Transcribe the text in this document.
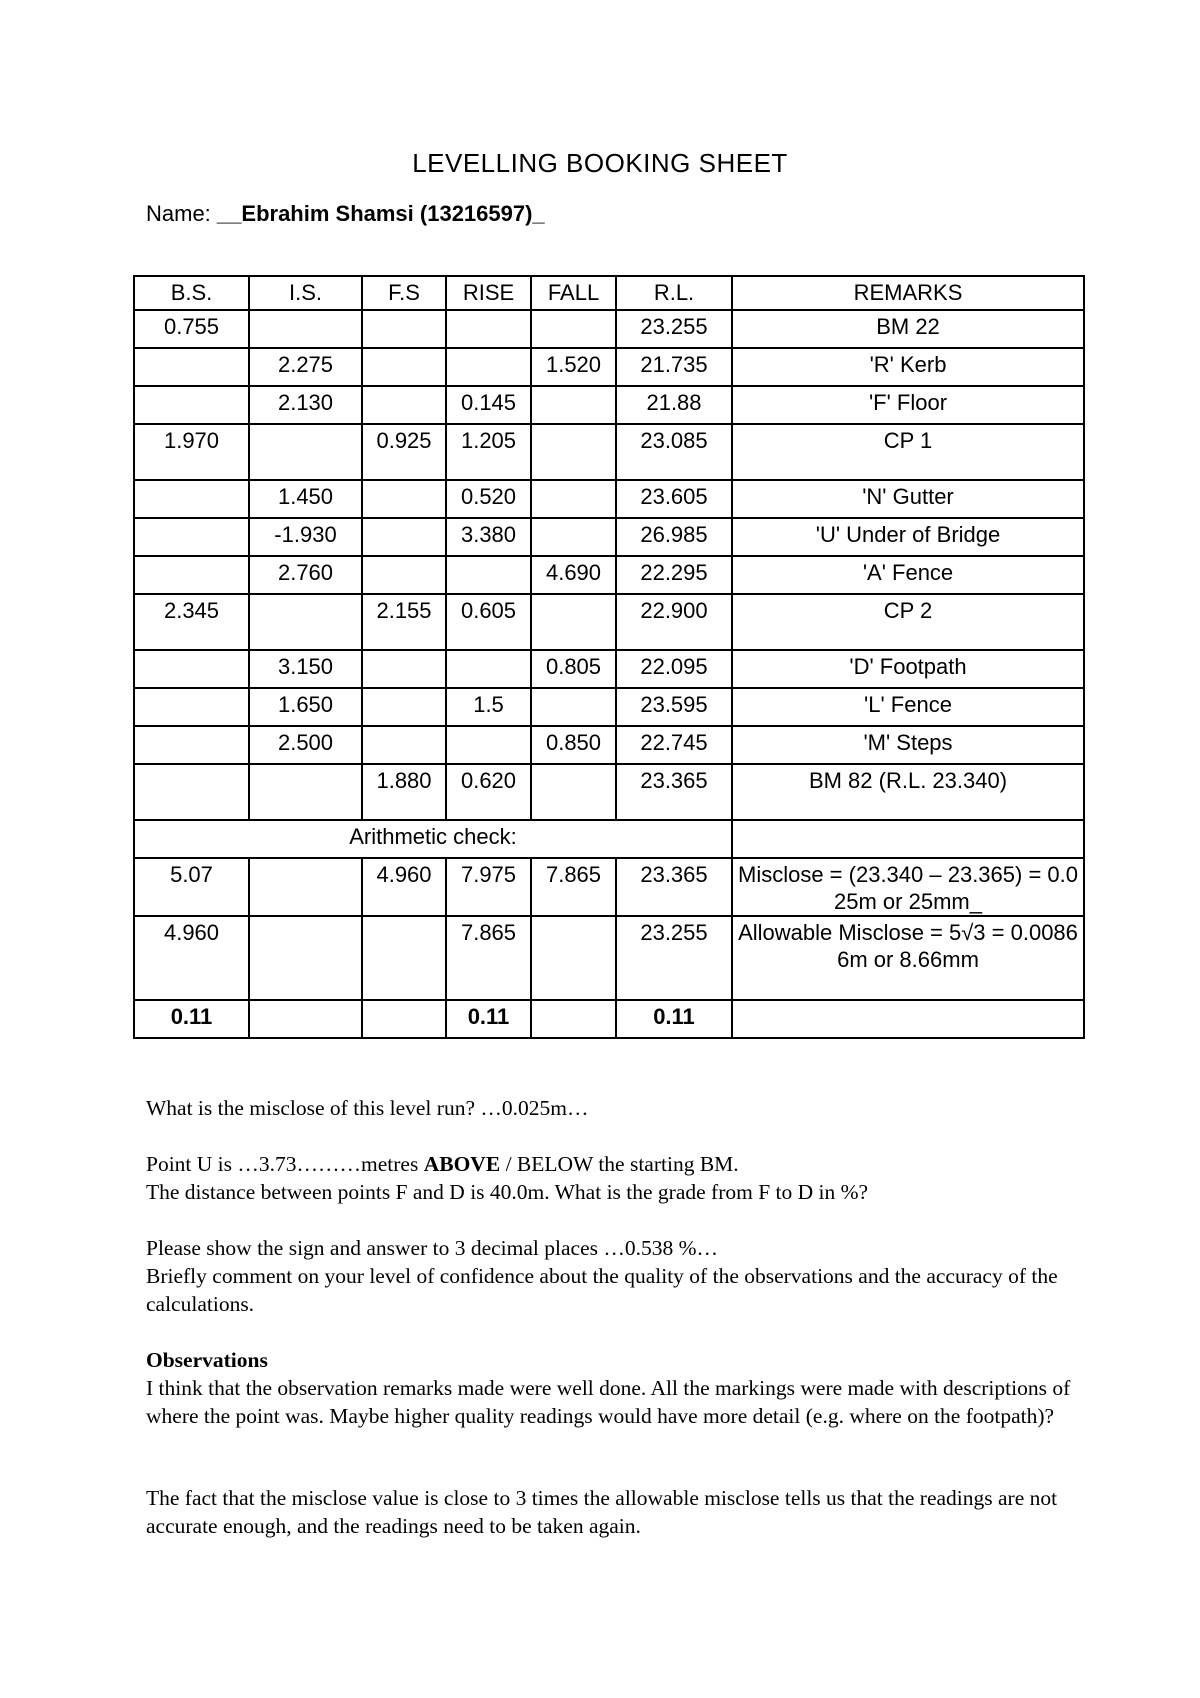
LEVELLING BOOKING SHEET
Name: __Ebrahim Shamsi (13216597)_
B.S.	I.S.	F.S	RISE	FALL	R.L.	REMARKS
0.755					23.255	BM 22
	2.275			1.520	21.735	'R' Kerb
	2.130		0.145		21.88	'F' Floor
1.970		0.925	1.205		23.085	CP 1
	1.450		0.520		23.605	'N' Gutter
	-1.930		3.380		26.985	'U' Under of Bridge
	2.760			4.690	22.295	'A' Fence
2.345		2.155	0.605		22.900	CP 2
	3.150			0.805	22.095	'D' Footpath
	1.650		1.5		23.595	'L' Fence
	2.500			0.850	22.745	'M' Steps
		1.880	0.620		23.365	BM 82 (R.L. 23.340)
Arithmetic check:						
5.07		4.960	7.975	7.865	23.365	Misclose = (23.340 – 23.365) = 0.025m or 25mm_
4.960			7.865		23.255	Allowable Misclose = 5√3 = 0.00866m or 8.66mm
0.11			0.11		0.11	

What is the misclose of this level run? …0.025m…

Point U is …3.73………metres ABOVE / BELOW the starting BM.

The distance between points F and D is 40.0m. What is the grade from F to D in %?

Please show the sign and answer to 3 decimal places …0.538 %…

Briefly comment on your level of confidence about the quality of the observations and the accuracy of the calculations.

Observations

I think that the observation remarks made were well done. All the markings were made with descriptions of where the point was. Maybe higher quality readings would have more detail (e.g. where on the footpath)?

The fact that the misclose value is close to 3 times the allowable misclose tells us that the readings are not accurate enough, and the readings need to be taken again.
